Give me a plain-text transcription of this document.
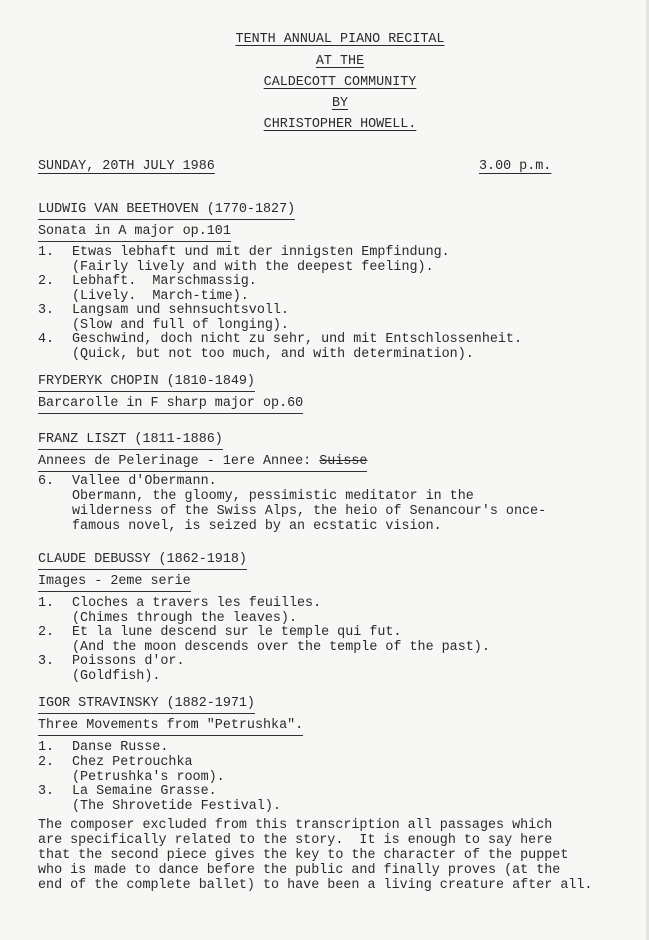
TENTH ANNUAL PIANO RECITAL
AT THE
CALDECOTT COMMUNITY
BY
CHRISTOPHER HOWELL.
SUNDAY, 20TH JULY 1986	3.00 p.m.
LUDWIG VAN BEETHOVEN (1770-1827)
Sonata in A major op.101
1.	Etwas lebhaft und mit der innigsten Empfindung.
(Fairly lively and with the deepest feeling).
2.	Lebhaft.  Marschmassig.
(Lively.  March-time).
3.	Langsam und sehnsuchtsvoll.
(Slow and full of longing).
4.	Geschwind, doch nicht zu sehr, und mit Entschlossenheit.
(Quick, but not too much, and with determination).
FRYDERYK CHOPIN (1810-1849)
Barcarolle in F sharp major op.60
FRANZ LISZT (1811-1886)
Annees de Pelerinage - 1ere Annee: Suisse
6.	Vallee d'Obermann.
Obermann, the gloomy, pessimistic meditator in the
wilderness of the Swiss Alps, the heio of Senancour's once-
famous novel, is seized by an ecstatic vision.
CLAUDE DEBUSSY (1862-1918)
Images - 2eme serie
1.	Cloches a travers les feuilles.
(Chimes through the leaves).
2.	Et la lune descend sur le temple qui fut.
(And the moon descends over the temple of the past).
3.	Poissons d'or.
(Goldfish).
IGOR STRAVINSKY (1882-1971)
Three Movements from "Petrushka".
1.	Danse Russe.
2.	Chez Petrouchka
(Petrushka's room).
3.	La Semaine Grasse.
(The Shrovetide Festival).
The composer excluded from this transcription all passages which
are specifically related to the story.  It is enough to say here
that the second piece gives the key to the character of the puppet
who is made to dance before the public and finally proves (at the
end of the complete ballet) to have been a living creature after all.
